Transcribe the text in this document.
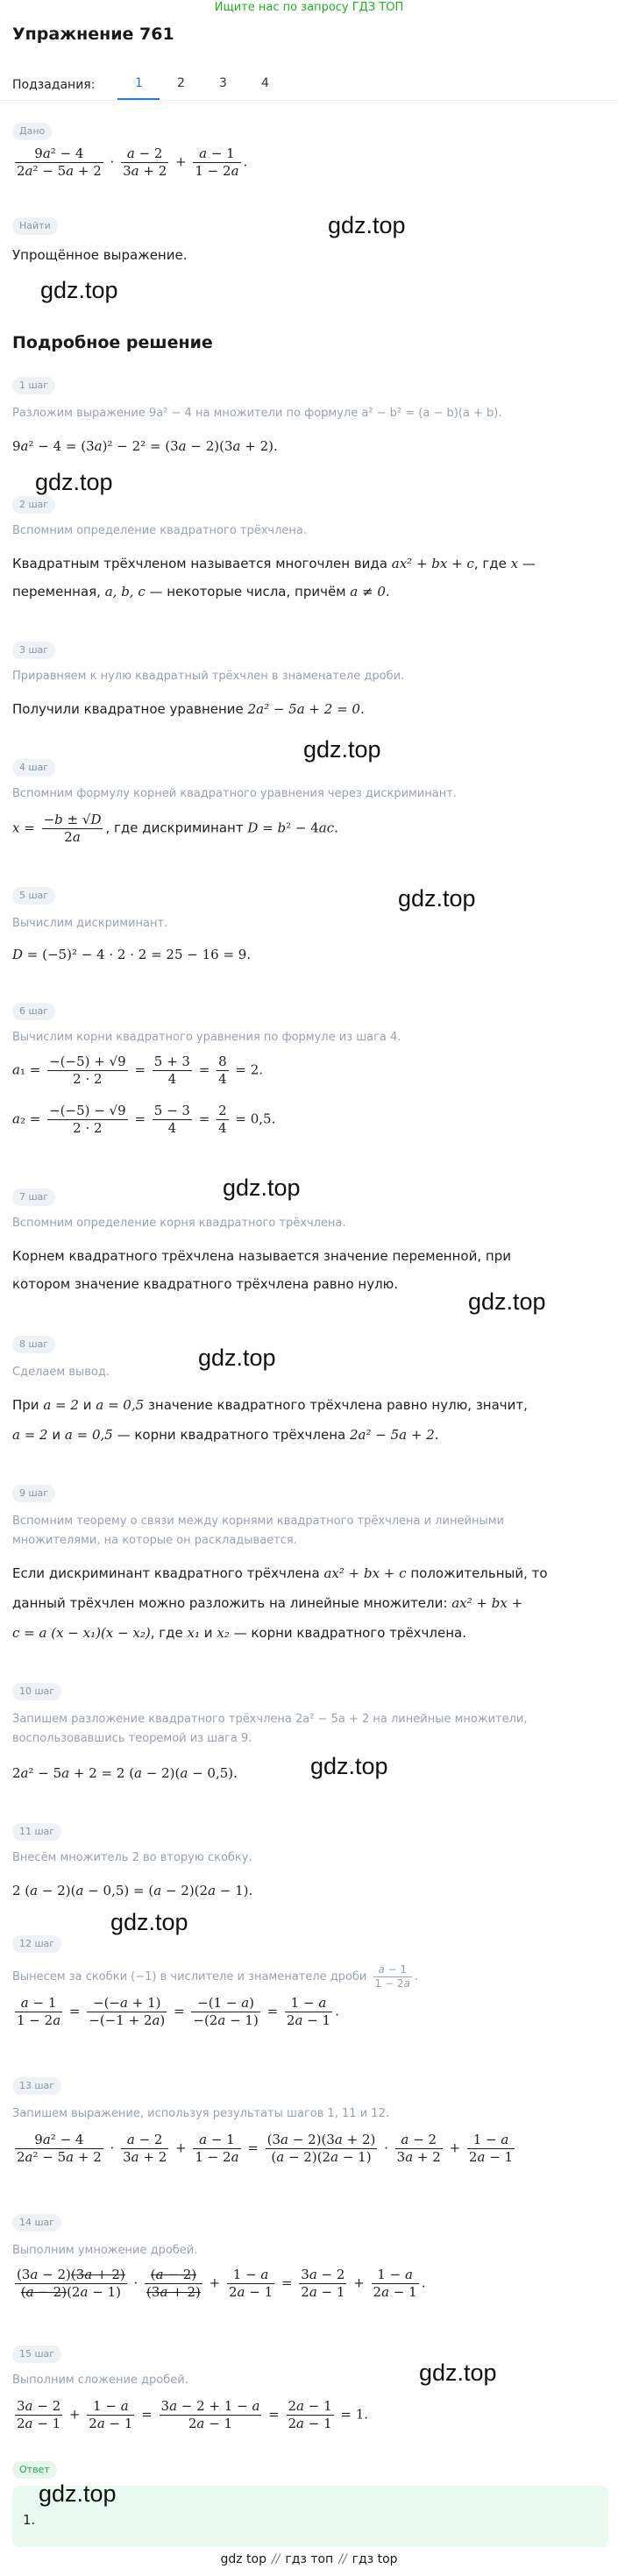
Ищите нас по запросу ГДЗ ТОП
Упражнение 761
Подзадания:	1	2	3	4
Дано
$\frac{\text{9a² − 4}}{\text{2a² − 5a + 2}} \cdot \frac{a - 2}{3a + 2} + \frac{a - 1}{1 - 2a}$ .
Найти
Упрощённое выражение.
Подробное решение
1 шаг
Разложим выражение 9a² − 4 на множители по формуле a² − b² = (a − b)(a + b).
9a² − 4 = (3a)² − 2² = (3a − 2)(3a + 2).
2 шаг
Вспомним определение квадратного трёхчлена.
Квадратным трёхчленом называется многочлен вида ax² + bx + c, где x —
переменная, a, b, c — некоторые числа, причём a ≠ 0.
3 шаг
Приравняем к нулю квадратный трёхчлен в знаменателе дроби.
Получили квадратное уравнение 2a² − 5a + 2 = 0.
4 шаг
Вспомним формулу корней квадратного уравнения через дискриминант.
$x = \frac{-b \pm √D}{2a}$ , где дискриминант D = b² − 4ac.
5 шаг
Вычислим дискриминант.
D = (−5)² − 4 · 2 · 2 = 25 − 16 = 9.
6 шаг
Вычислим корни квадратного уравнения по формуле из шага 4.
$a_1 = \frac{-(-5) + √9}{2 \cdot 2} = \frac{5 + 3}{4} = \frac{8}{4} = 2$.
$a_2 = \frac{-(-5) - √9}{2 \cdot 2} = \frac{5 - 3}{4} = \frac{2}{4} = 0,5$.
7 шаг
Вспомним определение корня квадратного трёхчлена.
Корнем квадратного трёхчлена называется значение переменной, при
котором значение квадратного трёхчлена равно нулю.
8 шаг
Сделаем вывод.
При a = 2 и a = 0,5 значение квадратного трёхчлена равно нулю, значит,
a = 2 и a = 0,5 — корни квадратного трёхчлена 2a² − 5a + 2.
9 шаг
Вспомним теорему о связи между корнями квадратного трёхчлена и линейными
множителями, на которые он раскладывается.
Если дискриминант квадратного трёхчлена ax² + bx + c положительный, то
данный трёхчлен можно разложить на линейные множители: ax² + bx +
c = a (x − x₁)(x − x₂), где x₁ и x₂ — корни квадратного трёхчлена.
10 шаг
Запишем разложение квадратного трёхчлена 2a² − 5a + 2 на линейные множители,
воспользовавшись теоремой из шага 9.
2a² − 5a + 2 = 2 (a − 2)(a − 0,5).
11 шаг
Внесём множитель 2 во вторую скобку.
2 (a − 2)(a − 0,5) = (a − 2)(2a − 1).
12 шаг
Вынесем за скобки (−1) в числителе и знаменателе дроби $\frac{a - 1}{1 - 2a}$ .
$\frac{a - 1}{1 - 2a} = \frac{-(-a + 1)}{-(-1 + 2a)} = \frac{-(1 - a)}{-(2a - 1)} = \frac{1 - a}{2a - 1}$ .
13 шаг
Запишем выражение, используя результаты шагов 1, 11 и 12.
$\frac{\text{9a² − 4}}{\text{2a² − 5a + 2}} \cdot \frac{a - 2}{3a + 2} + \frac{a - 1}{1 - 2a} = \frac{(3a - 2)(3a + 2)}{(a - 2)(2a - 1)} \cdot \frac{a - 2}{3a + 2} + \frac{1 - a}{2a - 1}$
14 шаг
Выполним умножение дробей.
$\frac{(3a - 2)(3a + 2)}{(a - 2)(2a - 1)} \cdot \frac{(a - 2)}{(3a + 2)} + \frac{1 - a}{2a - 1} = \frac{3a - 2}{2a - 1} + \frac{1 - a}{2a - 1}$ .
15 шаг
Выполним сложение дробей.
$\frac{3a - 2}{2a - 1} + \frac{1 - a}{2a - 1} = \frac{3a - 2 + 1 - a}{2a - 1} = \frac{2a - 1}{2a - 1} = 1$.
Ответ
1.
gdz.top
gdz.top
gdz.top
gdz.top
gdz.top
gdz.top
gdz.top
gdz.top
gdz.top
gdz.top
gdz.top
gdz.top
gdz top // гдз топ // гдз top
